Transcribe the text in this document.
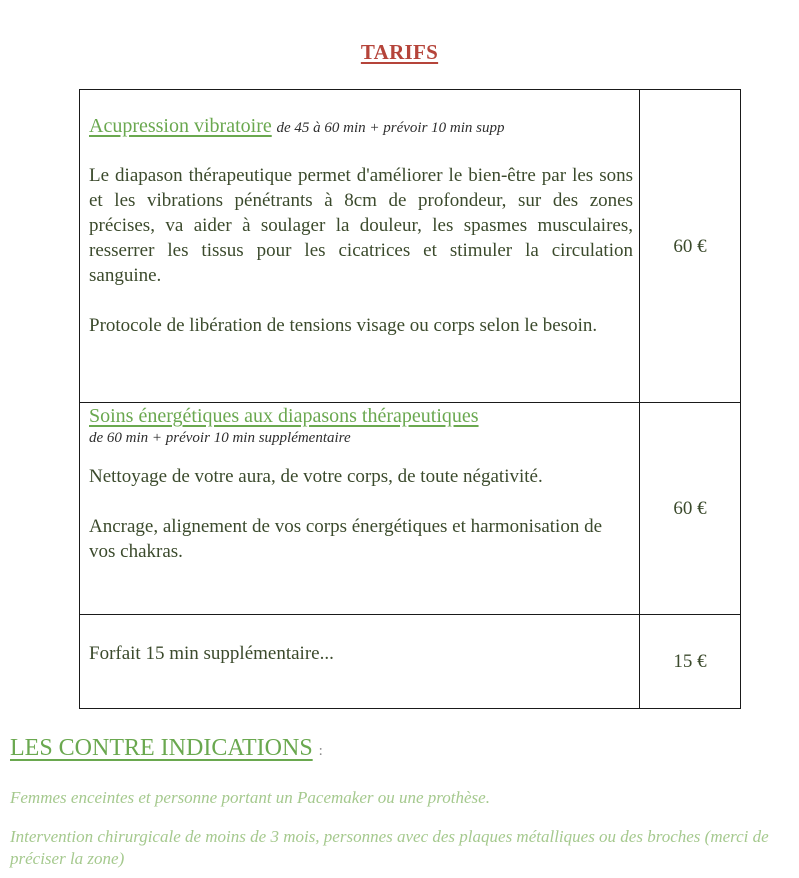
TARIFS
Acupression vibratoire de 45 à 60 min + prévoir 10 min supp

Le diapason thérapeutique permet d'améliorer le bien-être par les sons et les vibrations pénétrants à 8cm de profondeur, sur des zones précises, va aider à soulager la douleur, les spasmes musculaires, resserrer les tissus pour les cicatrices et stimuler la circulation sanguine.

Protocole de libération de tensions visage ou corps selon le besoin.	60 €

Soins énergétiques aux diapasons thérapeutiques

de 60 min + prévoir 10 min supplémentaire

Nettoyage de votre aura, de votre corps, de toute négativité.

Ancrage, alignement de vos corps énergétiques et harmonisation de vos chakras.	60 €

Forfait 15 min supplémentaire...	15 €
LES CONTRE INDICATIONS :

Femmes enceintes et personne portant un Pacemaker ou une prothèse.

Intervention chirurgicale de moins de 3 mois, personnes avec des plaques métalliques ou des broches (merci de préciser la zone)
